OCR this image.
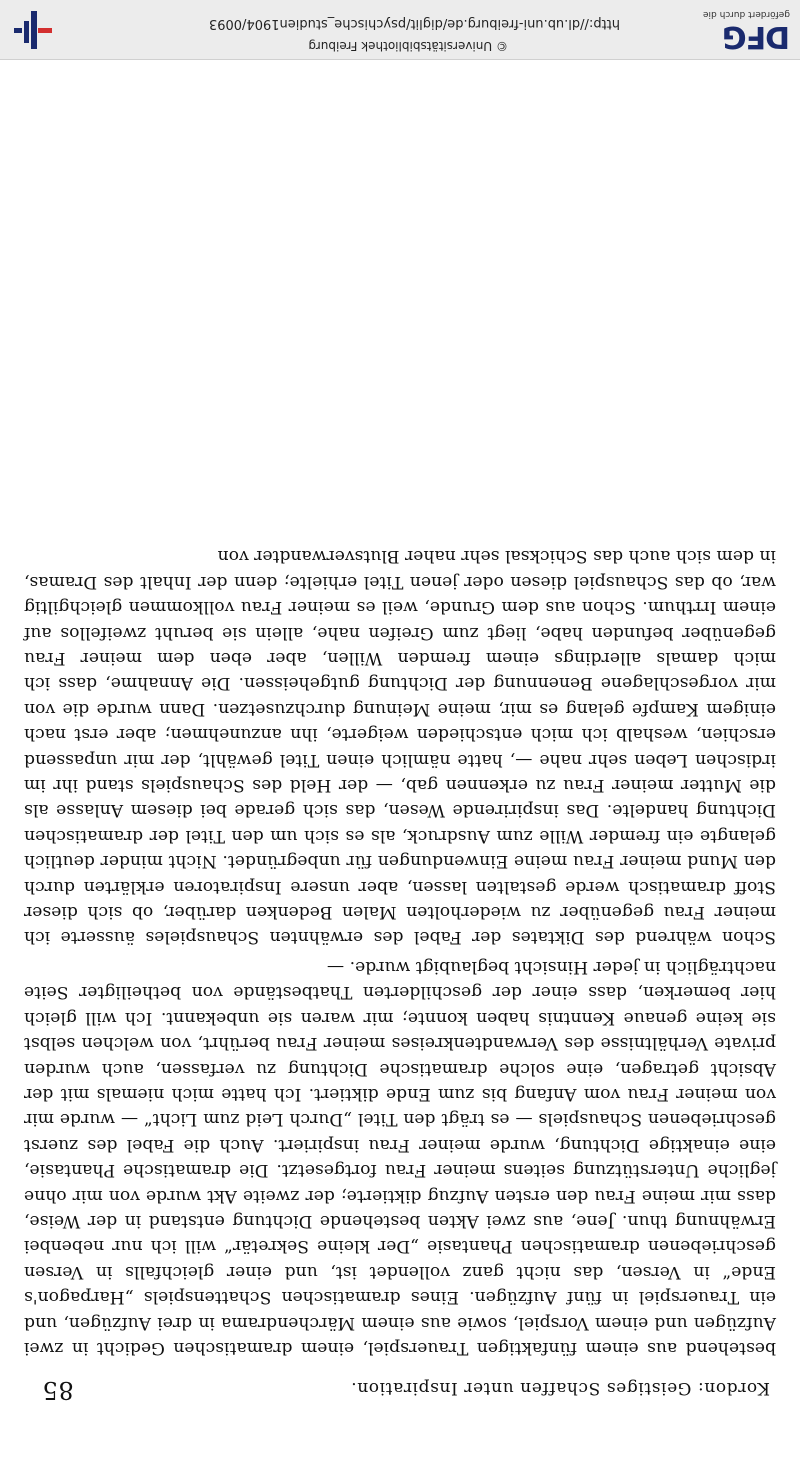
Kordon: Geistiges Schaffen unter Inspiration.
85

bestehend aus einem fünfaktigen Trauerspiel, einem dramatischen Gedicht in zwei Aufzügen und einem Vorspiel, sowie aus einem Märchendrama in drei Aufzügen, und ein Trauerspiel in fünf Aufzügen. Eines dramatischen Schattenspiels „Harpagon's Ende“ in Versen, das nicht ganz vollendet ist, und einer gleichfalls in Versen geschriebenen dramatischen Phantasie „Der kleine Sekretär“ will ich nur nebenbei Erwähnung thun. Jene, aus zwei Akten bestehende Dichtung entstand in der Weise, dass mir meine Frau den ersten Aufzug diktierte; der zweite Akt wurde von mir ohne jegliche Unterstützung seitens meiner Frau fortgesetzt. Die dramatische Phantasie, eine einaktige Dichtung, wurde meiner Frau inspiriert. Auch die Fabel des zuerst geschriebenen Schauspiels — es trägt den Titel „Durch Leid zum Licht“ — wurde mir von meiner Frau vom Anfang bis zum Ende diktiert. Ich hatte mich niemals mit der Absicht getragen, eine solche dramatische Dichtung zu verfassen, auch wurden private Verhältnisse des Verwandtenkreises meiner Frau berührt, von welchen selbst sie keine genaue Kenntnis haben konnte; mir waren sie unbekannt. Ich will gleich hier bemerken, dass einer der geschilderten Thatbestände von betheiligter Seite nachträglich in jeder Hinsicht beglaubigt wurde. —

Schon während des Diktates der Fabel des erwähnten Schauspieles äusserte ich meiner Frau gegenüber zu wiederholten Malen Bedenken darüber, ob sich dieser Stoff dramatisch werde gestalten lassen, aber unsere Inspiratoren erklärten durch den Mund meiner Frau meine Einwendungen für unbegründet. Nicht minder deutlich gelangte ein fremder Wille zum Ausdruck, als es sich um den Titel der dramatischen Dichtung handelte. Das inspirirende Wesen, das sich gerade bei diesem Anlasse als die Mutter meiner Frau zu erkennen gab, — der Held des Schauspiels stand ihr im irdischen Leben sehr nahe —, hatte nämlich einen Titel gewählt, der mir unpassend erschien, weshalb ich mich entschieden weigerte, ihn anzunehmen; aber erst nach einigem Kampfe gelang es mir, meine Meinung durchzusetzen. Dann wurde die von mir vorgeschlagene Benennung der Dichtung gutgeheissen. Die Annahme, dass ich mich damals allerdings einem fremden Willen, aber eben dem meiner Frau gegenüber befunden habe, liegt zum Greifen nahe, allein sie beruht zweifellos auf einem Irrthum. Schon aus dem Grunde, weil es meiner Frau vollkommen gleichgiltig war, ob das Schauspiel diesen oder jenen Titel erhielte; denn der Inhalt des Dramas, in dem sich auch das Schicksal sehr naher Blutsverwandter von

DFG
gefördert durch die
http://dl.ub.uni-freiburg.de/diglit/psychische_studien1904/0093
© Universitätsbibliothek Freiburg
